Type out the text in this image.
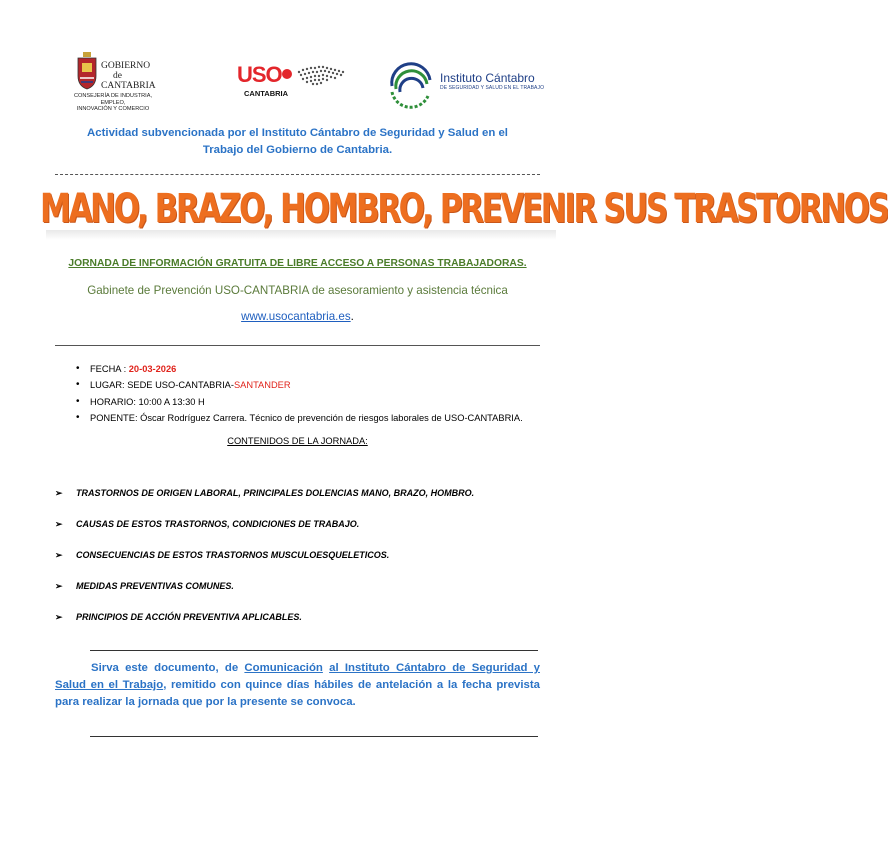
GOBIERNO
de
CANTABRIA
CONSEJERÍA DE INDUSTRIA, EMPLEO,
INNOVACIÓN Y COMERCIO
USO
CANTABRIA
Instituto Cántabro
DE SEGURIDAD Y SALUD EN EL TRABAJO
Actividad subvencionada por el Instituto Cántabro de Seguridad y Salud en el
Trabajo del Gobierno de Cantabria.
MANO, BRAZO, HOMBRO, PREVENIR SUS TRASTORNOS
JORNADA DE INFORMACIÓN GRATUITA DE LIBRE ACCESO A PERSONAS TRABAJADORAS.
Gabinete de Prevención USO-CANTABRIA de asesoramiento y asistencia técnica
www.usocantabria.es.
• FECHA : 20-03-2026
• LUGAR: SEDE USO-CANTABRIA-SANTANDER
• HORARIO: 10:00 A 13:30 H
• PONENTE: Óscar Rodríguez Carrera. Técnico de prevención de riesgos laborales de USO-CANTABRIA.
CONTENIDOS DE LA JORNADA:
➢ TRASTORNOS DE ORIGEN LABORAL, PRINCIPALES DOLENCIAS MANO, BRAZO, HOMBRO.
➢ CAUSAS DE ESTOS TRASTORNOS, CONDICIONES DE TRABAJO.
➢ CONSECUENCIAS DE ESTOS TRASTORNOS MUSCULOESQUELETICOS.
➢ MEDIDAS PREVENTIVAS COMUNES.
➢ PRINCIPIOS DE ACCIÓN PREVENTIVA APLICABLES.
Sirva este documento, de Comunicación al Instituto Cántabro de Seguridad y Salud en el Trabajo, remitido con quince días hábiles de antelación a la fecha prevista para realizar la jornada que por la presente se convoca.
